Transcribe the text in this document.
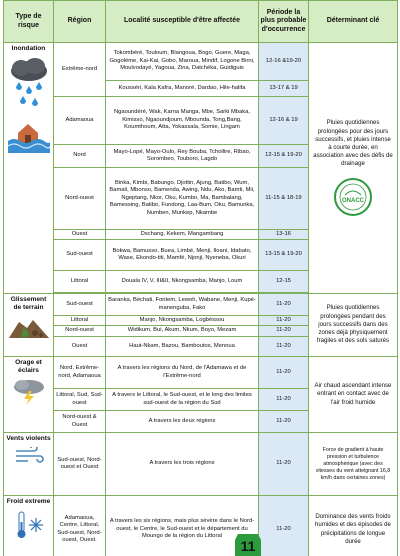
Type de risque	Région	Localité susceptible d'être affectée	Période la plus probable d'occurrence	Déterminant clé
Inondation	Extrême-nord	Tokombéré, Touloum, Blangoua, Bogo, Guere, Maga, Gogoléme, Kai-Kai, Gobo, Maroua, Mindif, Logone Birni, Moulvodayé, Yagoua, Zina, Datchéka, Guidiguis	12-16 &19-20	Pluies quotidiennes prolongées pour des jours successifs, et pluies intense à courte durée, en association avec des défis de drainage
ONACC

		Kousséri, Kala Kafra, Manoré, Dardao, Hile-halifa	13-17 & 19	
	Adamaoua	Ngaoundéré, Wak, Karna Manga, Mbe, Sarki Mbaka, Kimisso, Ngaoundjoum, Mbounda, Tong,Bang, Koumthoum, Atta, Yokassala, Somie, Lingam	12-16 & 19	
	Nord	Mayo-Lopé, Mayo-Oulo, Rey Bouba, Tchollire, Ribao, Sorombeo, Touboro, Lagdo	12-15 & 19-20	
	Nord-ouest	Binka, Kimbi, Babungo, Djottin, Ajung, Batibo, Wum, Bamali, Mbonso, Bamenda, Awing, Ndu, Ako, Bamti, Mii, Ngeptang, Nkor, Oku, Kumbo, Ma, Bambalang, Bamessing, Batibo, Fundong, Laa-Bum, Oku, Bamunka, Numben, Munkep, Nkambe	11-15 & 18-19	
	Ouest	Dschang, Kekem, Mangambang	13-16	
	Sud-ouest	Bokwa, Bamusso, Buea, Limbé, Menji, Iloani, Idabato, Wase, Ekondo-titi, Mamfé, Njonji, Nyeneba, Okuri	13-15 & 19-20	
	Littoral	Douala IV, V, III&II, Nkongsamba, Manjo, Loum	12-15	

Glissement de terrain	Sud-ouest	Baranka, Béchati, Fontem, Lewoh, Wabane, Menji, Kupé-manenguba, Fako	11-20	Pluies quotidiennes prolongées pendant des jours successifs dans des zones déjà physiquement fragiles et des sols saturés
	Littoral	Manjo, Nkongsamba, Logbéssou	11-20	
	Nord-ouest	Widikum, Bui, Akum, Nkum, Boyo, Mezam	11-20	
	Ouest	Haut-Nkam, Bazou, Bamboutos, Menoua	11-20	
Orage et éclairs	Nord, Extrême-nord, Adamaoua	A travers les régions du Nord, de l'Adamawa et de l'Extrême-nord	11-20	Air chaud ascendant intense entrant en contact avec de l'air froid humide
	Littoral, Sud, Sud-ouest	A travers le Littoral, le Sud-ouest, et le long des limites sud-ouest de la région du Sud	11-20	
	Nord-ouest & Ouest	A travers les deux régions	11-20	
Vents violents	Sud-ouest, Nord-ouest et Ouest	A travers les trois régions	11-20	Force de gradient à haute pression et turbulence atmosphérique (avec des vitesses du vent atteignant 16,8 km/h dans certaines zones)
Froid extreme	Adamaoua, Centre, Littoral, Sud-ouest, Nord-ouest, Ouest.	A travers les six régions, mais plus sévère dans le Nord-ouest, le Centre, le Sud-ouest et le département du Moungo de la région du Littoral	11-20	Dominance des vents froids humides et des épisodes de précipitations de longue durée
11
